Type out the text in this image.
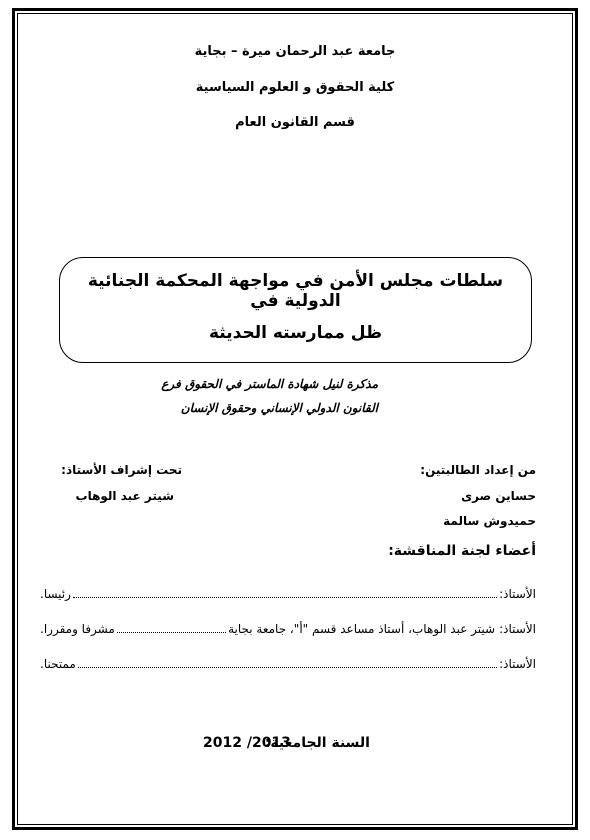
جامعة عبد الرحمان ميرة – بجاية
كلية الحقوق و العلوم السياسية
قسم القانون العام
سلطات مجلس الأمن في مواجهة المحكمة الجنائية الدولية في
ظل ممارسته الحديثة
مذكرة لنيل شهادة الماستر في الحقوق فرع
القانون الدولي الإنساني وحقوق الإنسان
من إعداد الطالبتين:
حساين صرى
حميدوش سالمة
تحت إشراف الأستاذ:
شيتر عبد الوهاب
أعضاء لجنة المناقشة:
الأستاذ:
رئيسا.
الأستاذ:
شيتر عبد الوهاب، أستاذ مساعد قسم "أ"، جامعة بجاية
مشرفا ومقررا.
الأستاذ:
ممتحنا.
السنة الجامعية:
2012 /2013
